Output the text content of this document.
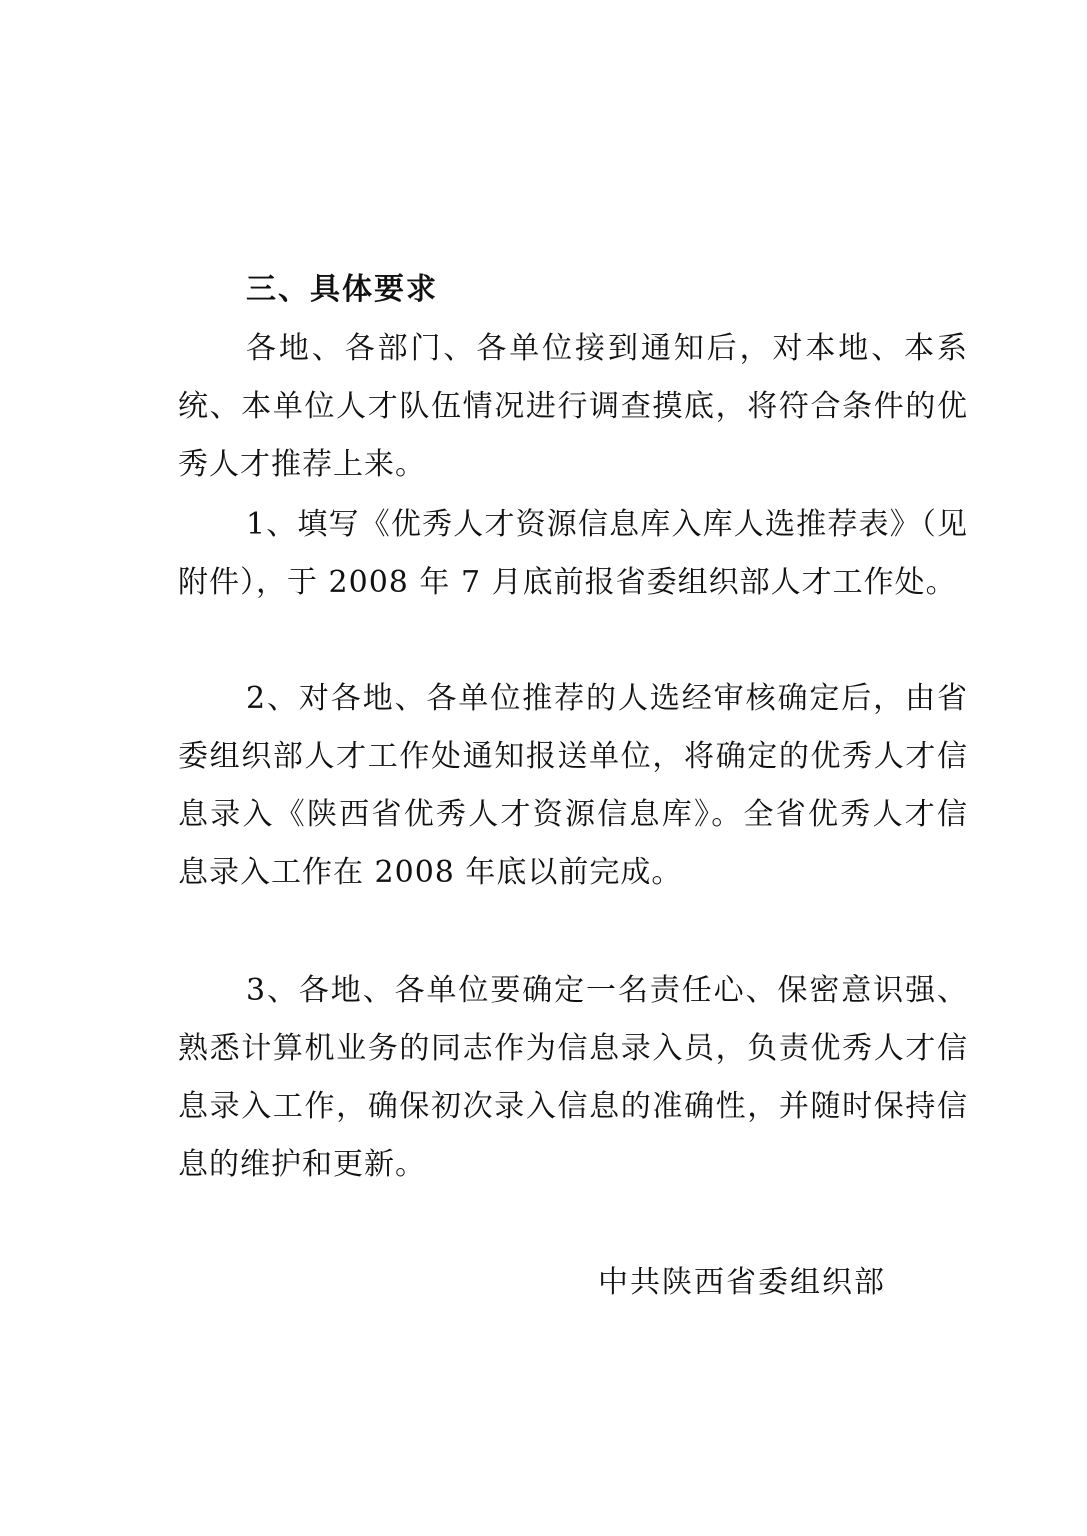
三、具体要求

各地、各部门、各单位接到通知后，对本地、本系统、本单位人才队伍情况进行调查摸底，将符合条件的优秀人才推荐上来。

1、填写《优秀人才资源信息库入库人选推荐表》（见附件），于 2008 年 7 月底前报省委组织部人才工作处。

2、对各地、各单位推荐的人选经审核确定后，由省委组织部人才工作处通知报送单位，将确定的优秀人才信息录入《陕西省优秀人才资源信息库》。全省优秀人才信息录入工作在 2008 年底以前完成。

3、各地、各单位要确定一名责任心、保密意识强、熟悉计算机业务的同志作为信息录入员，负责优秀人才信息录入工作，确保初次录入信息的准确性，并随时保持信息的维护和更新。

中共陕西省委组织部
